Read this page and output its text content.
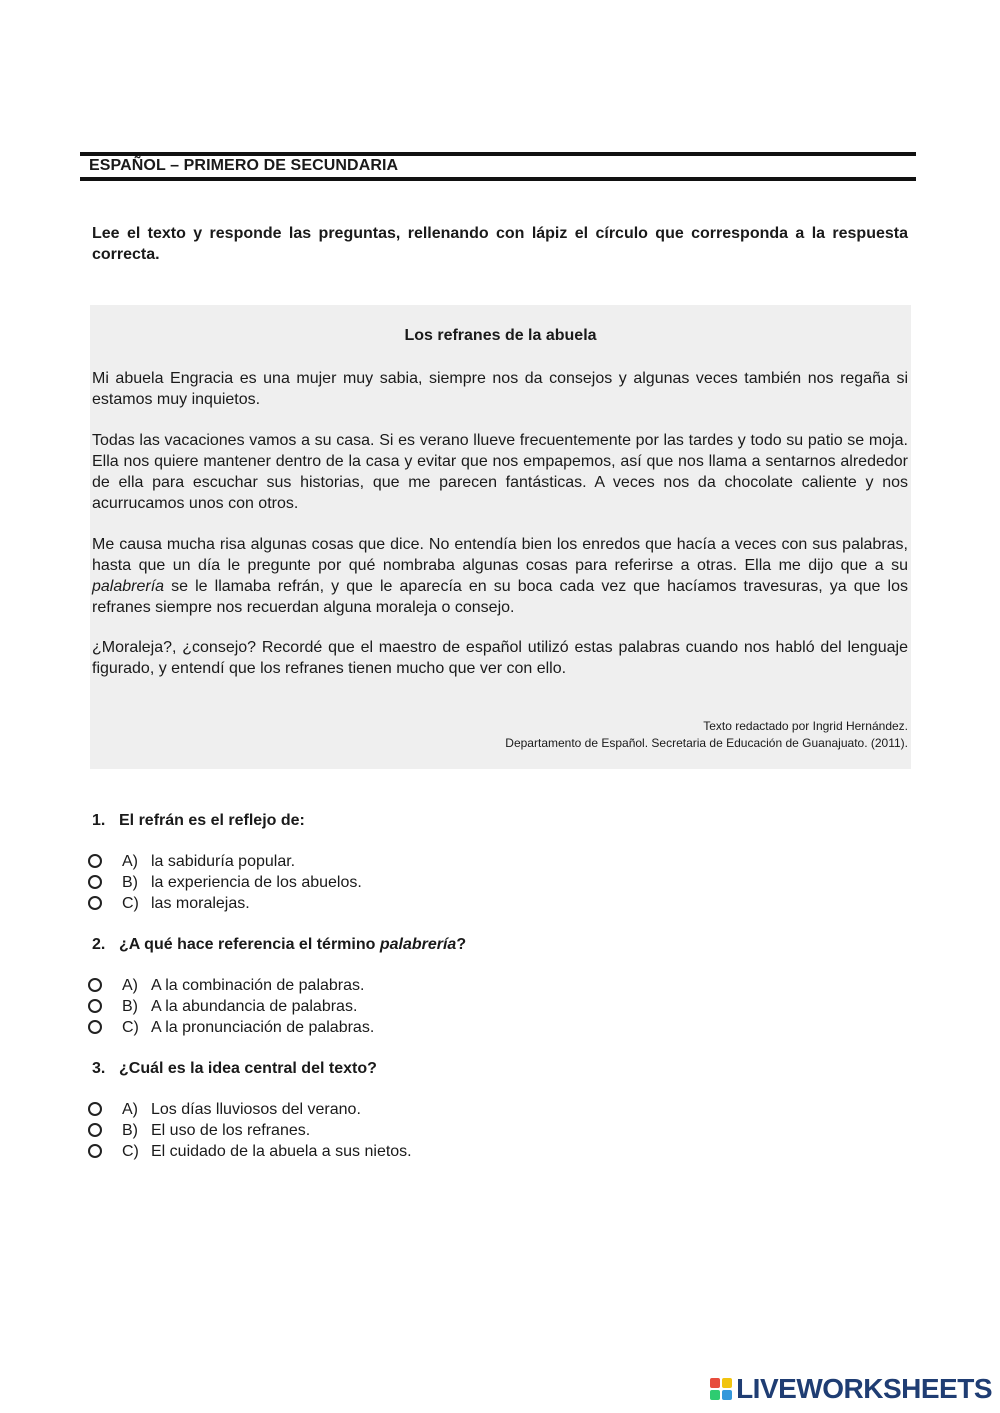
ESPAÑOL – PRIMERO DE SECUNDARIA
Lee el texto y responde las preguntas, rellenando con lápiz el círculo que corresponda a la respuesta correcta.
Los refranes de la abuela

Mi abuela Engracia es una mujer muy sabia, siempre nos da consejos y algunas veces también nos regaña si estamos muy inquietos.

Todas las vacaciones vamos a su casa. Si es verano llueve frecuentemente por las tardes y todo su patio se moja. Ella nos quiere mantener dentro de la casa y evitar que nos empapemos, así que nos llama a sentarnos alrededor de ella para escuchar sus historias, que me parecen fantásticas. A veces nos da chocolate caliente y nos acurrucamos unos con otros.

Me causa mucha risa algunas cosas que dice. No entendía bien los enredos que hacía a veces con sus palabras, hasta que un día le pregunte por qué nombraba algunas cosas para referirse a otras. Ella me dijo que a su palabrería se le llamaba refrán, y que le aparecía en su boca cada vez que hacíamos travesuras, ya que los refranes siempre nos recuerdan alguna moraleja o consejo.

¿Moraleja?, ¿consejo? Recordé que el maestro de español utilizó estas palabras cuando nos habló del lenguaje figurado, y entendí que los refranes tienen mucho que ver con ello.

Texto redactado por Ingrid Hernández.
Departamento de Español. Secretaria de Educación de Guanajuato. (2011).
1. El refrán es el reflejo de:
A) la sabiduría popular.
B) la experiencia de los abuelos.
C) las moralejas.
2. ¿A qué hace referencia el término palabrería?
A) A la combinación de palabras.
B) A la abundancia de palabras.
C) A la pronunciación de palabras.
3. ¿Cuál es la idea central del texto?
A) Los días lluviosos del verano.
B) El uso de los refranes.
C) El cuidado de la abuela a sus nietos.
LIVEWORKSHEETS
